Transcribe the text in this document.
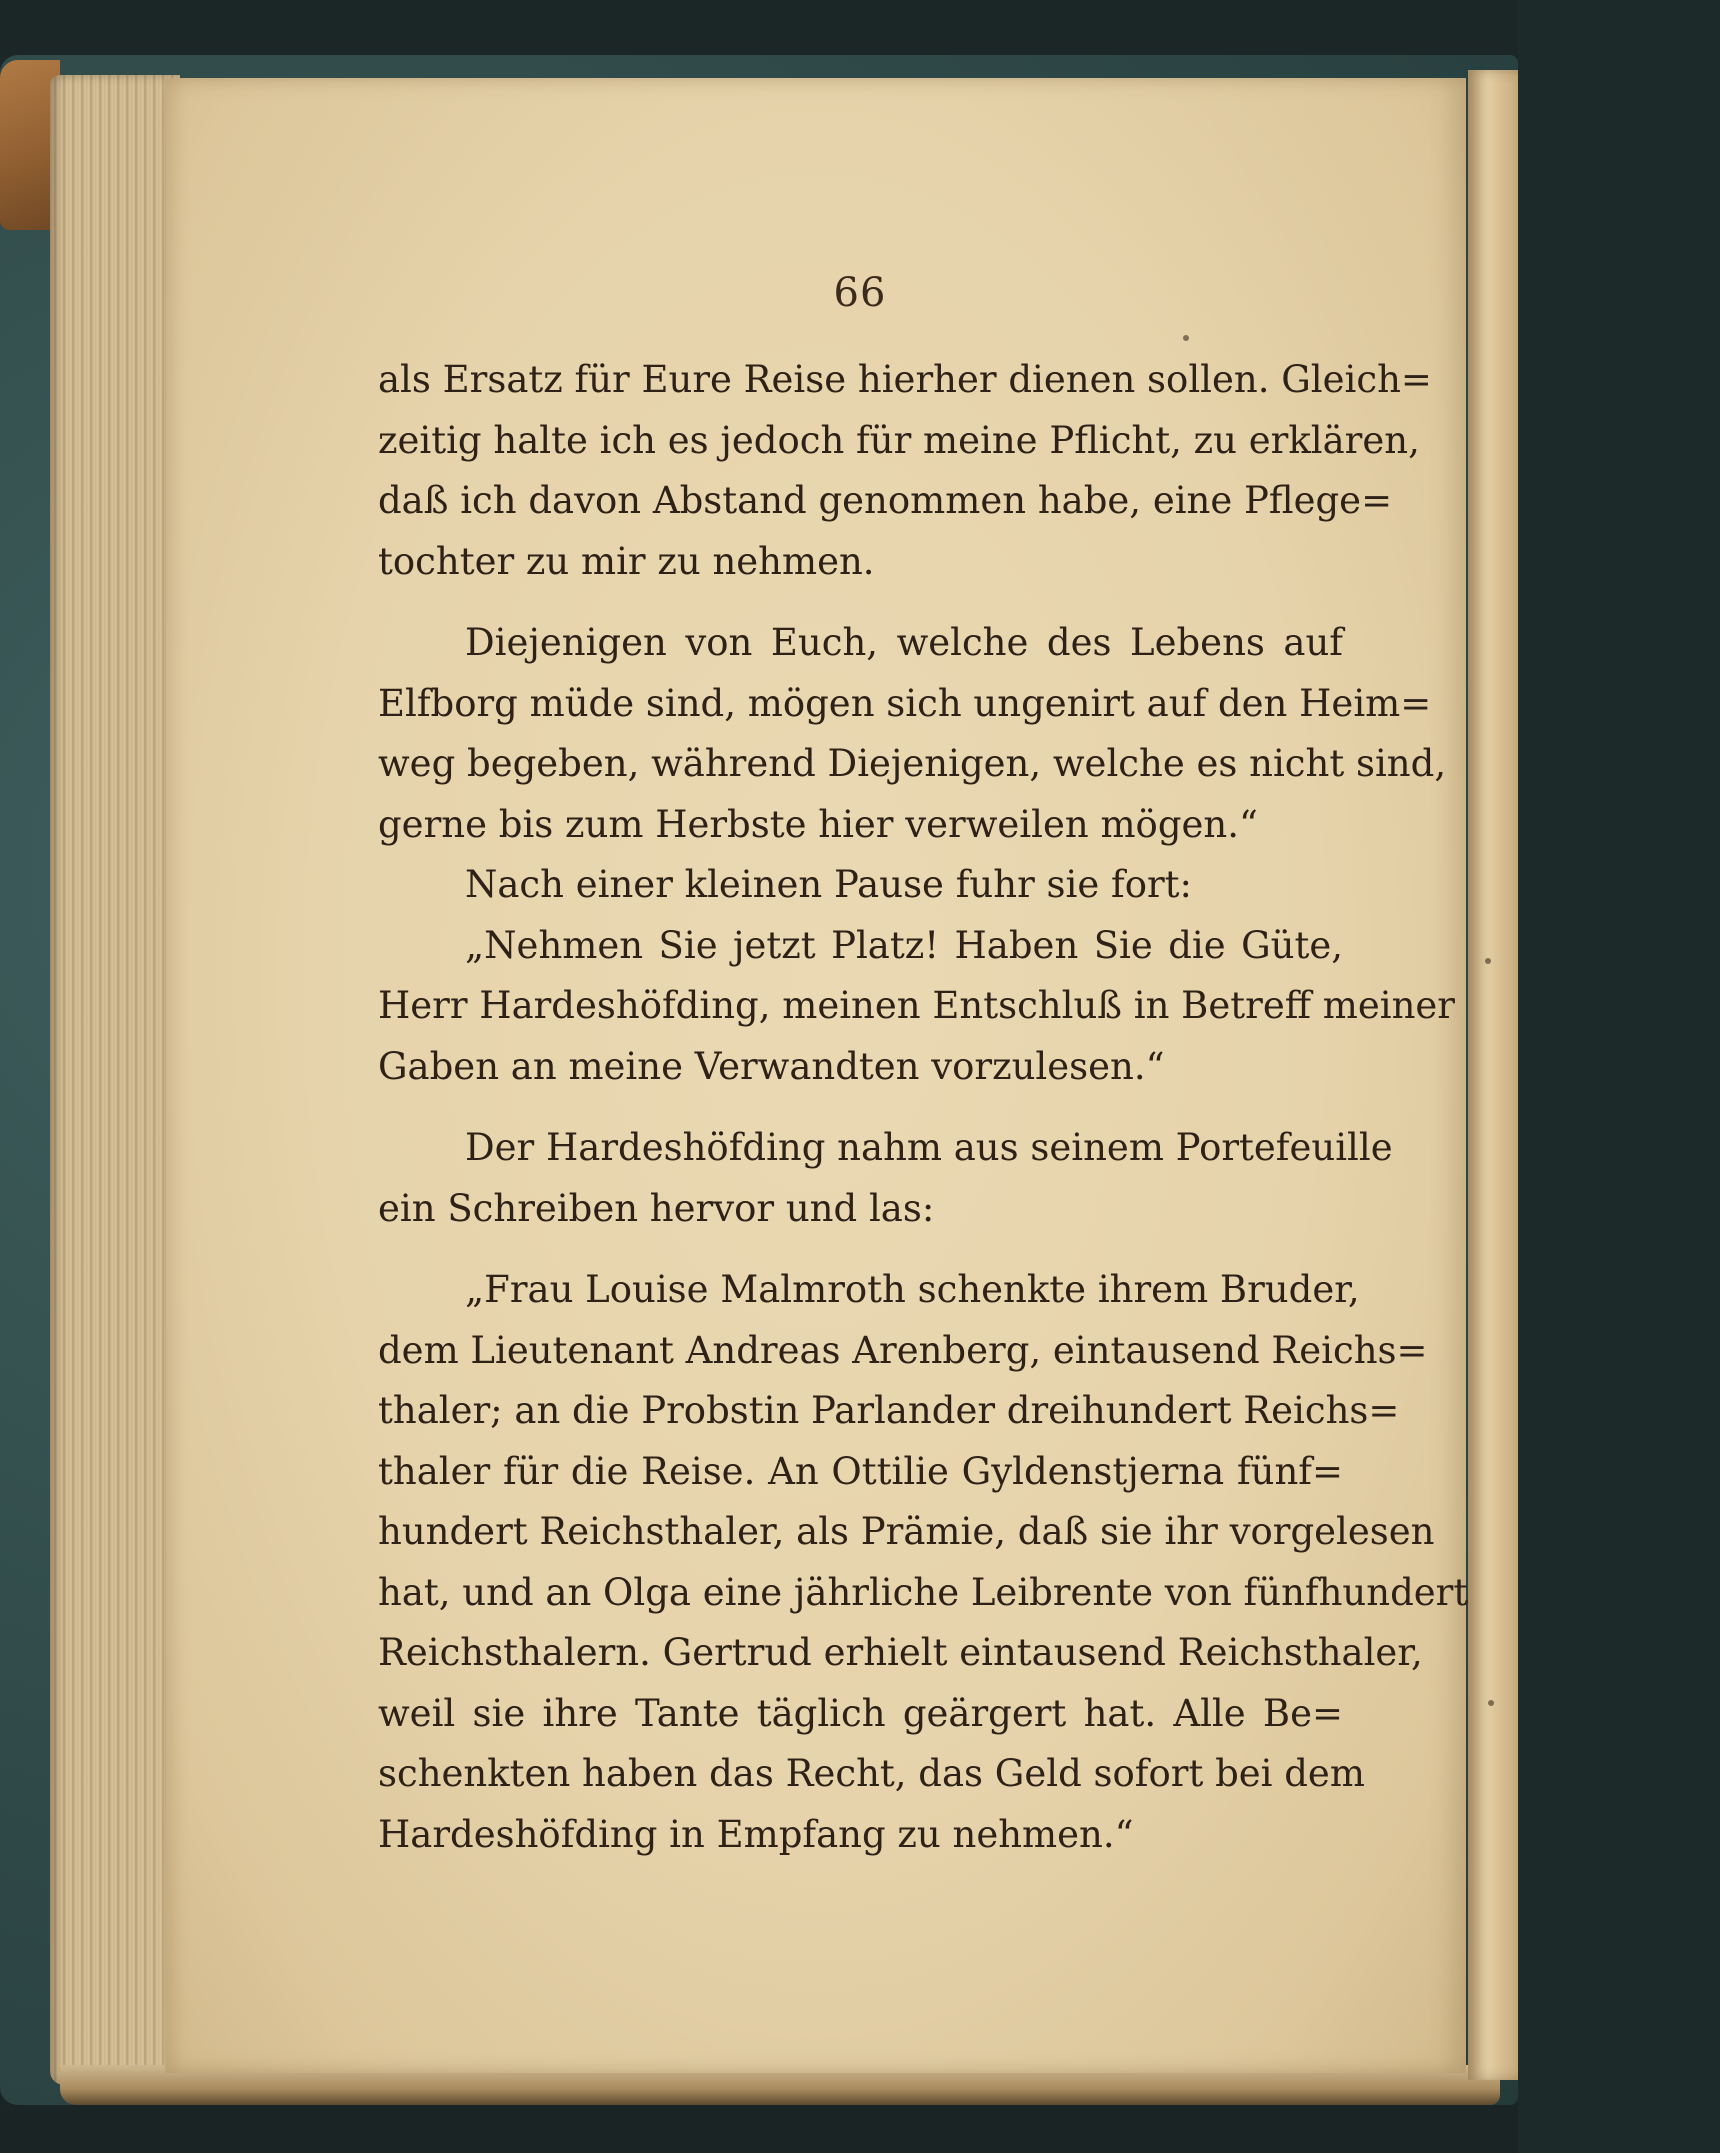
66
als Ersatz für Eure Reise hierher dienen sollen. Gleich=
zeitig halte ich es jedoch für meine Pflicht, zu erklären,
daß ich davon Abstand genommen habe, eine Pflege=
tochter zu mir zu nehmen.
Diejenigen von Euch, welche des Lebens auf
Elfborg müde sind, mögen sich ungenirt auf den Heim=
weg begeben, während Diejenigen, welche es nicht sind,
gerne bis zum Herbste hier verweilen mögen.“
Nach einer kleinen Pause fuhr sie fort:
„Nehmen Sie jetzt Platz! Haben Sie die Güte,
Herr Hardeshöfding, meinen Entschluß in Betreff meiner
Gaben an meine Verwandten vorzulesen.“
Der Hardeshöfding nahm aus seinem Portefeuille
ein Schreiben hervor und las:
„Frau Louise Malmroth schenkte ihrem Bruder,
dem Lieutenant Andreas Arenberg, eintausend Reichs=
thaler; an die Probstin Parlander dreihundert Reichs=
thaler für die Reise. An Ottilie Gyldenstjerna fünf=
hundert Reichsthaler, als Prämie, daß sie ihr vorgelesen
hat, und an Olga eine jährliche Leibrente von fünfhundert
Reichsthalern. Gertrud erhielt eintausend Reichsthaler,
weil sie ihre Tante täglich geärgert hat. Alle Be=
schenkten haben das Recht, das Geld sofort bei dem
Hardeshöfding in Empfang zu nehmen.“
